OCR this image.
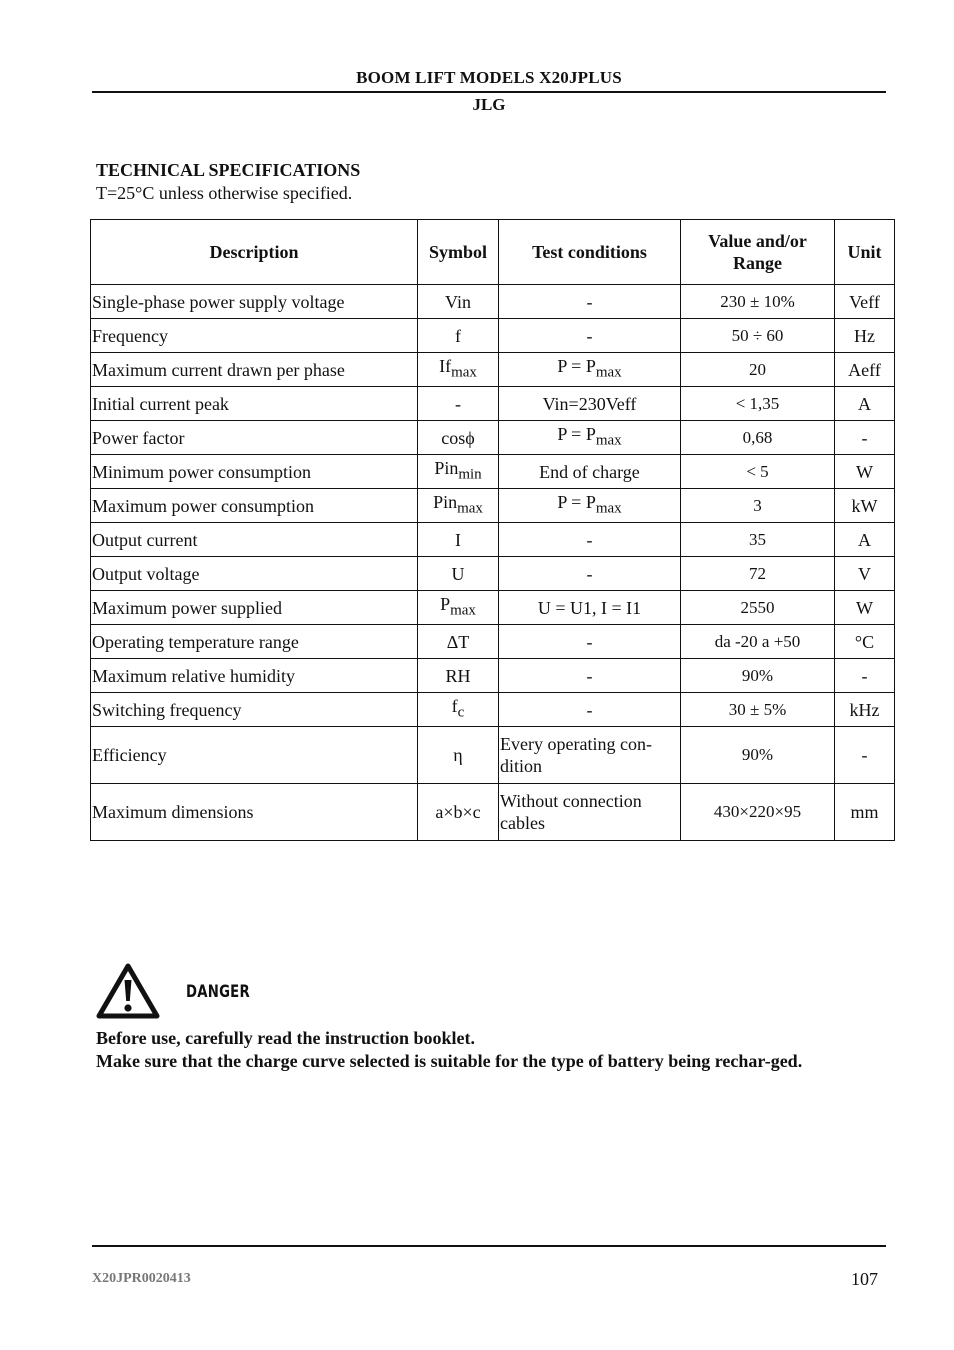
BOOM LIFT MODELS X20JPLUS
JLG
TECHNICAL SPECIFICATIONS
T=25°C unless otherwise specified.
Description	Symbol	Test conditions	Value and/or Range	Unit
Single-phase power supply voltage	Vin	-	230 ± 10%	Veff
Frequency	f	-	50 ÷ 60	Hz
Maximum current drawn per phase	$If_{max}$	$P = P_{max}$	20	Aeff
Initial current peak	-	Vin=230Veff	< 1,35	A
Power factor	cosϕ	$P = P_{max}$	0,68	-
Minimum power consumption	Pin$_{min}$	End of charge	< 5	W
Maximum power consumption	Pin$_{max}$	$P = P_{max}$	3	kW
Output current	I	-	35	A
Output voltage	U	-	72	V
Maximum power supplied	$P_{max}$	U = U1, I = I1	2550	W
Operating temperature range	ΔT	-	da -20 a +50	°C
Maximum relative humidity	RH	-	90%	-
Switching frequency	$f_c$	-	30 ± 5%	kHz
Efficiency	η	Every operating con-dition	90%	-
Maximum dimensions	a×b×c	Without connection cables	430×220×95	mm
DANGER
Before use, carefully read the instruction booklet.
Make sure that the charge curve selected is suitable for the type of battery being rechar-ged.
X20JPR0020413	107
